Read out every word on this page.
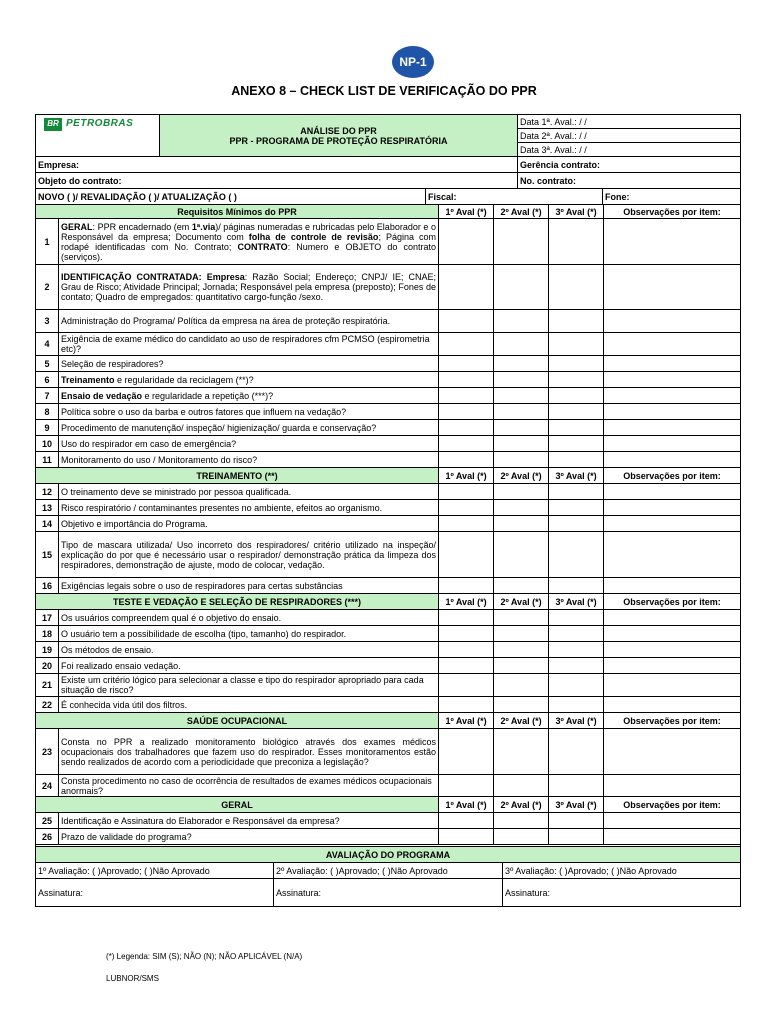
NP-1
ANEXO 8 – CHECK LIST DE VERIFICAÇÃO DO PPR
BR PETROBRAS

ANÁLISE DO PPR
PPR - PROGRAMA DE PROTEÇÃO RESPIRATÓRIA
	Data 1ª. Aval.: / /
Data 2ª. Aval.: / /
Data 3ª. Aval.: / /
Empresa:	Gerência contrato:
Objeto do contrato:	No. contrato:
NOVO ( )/ REVALIDAÇÃO ( )/ ATUALIZAÇÃO ( )	Fiscal:	Fone:
Requisitos Mínimos do PPR		1º Aval (*)	2º Aval (*)	3º Aval (*)	Observações por item:
1	GERAL: PPR encadernado (em 1ª.via)/ páginas numeradas e rubricadas pelo Elaborador e o Responsável da empresa; Documento com folha de controle de revisão; Página com rodapé identificadas com No. Contrato; CONTRATO: Numero e OBJETO do contrato (serviços).				
2	IDENTIFICAÇÃO CONTRATADA: Empresa: Razão Social; Endereço; CNPJ/ IE; CNAE; Grau de Risco; Atividade Principal; Jornada; Responsável pela empresa (preposto); Fones de contato; Quadro de empregados: quantitativo cargo-função /sexo.				
3	Administração do Programa/ Política da empresa na área de proteção respiratória.				
4	Exigência de exame médico do candidato ao uso de respiradores cfm PCMSO (espirometria etc)?				
5	Seleção de respiradores?				
6	Treinamento e regularidade da reciclagem (**)?				
7	Ensaio de vedação e regularidade a repetição (***)?				
8	Política sobre o uso da barba e outros fatores que influem na vedação?				
9	Procedimento de manutenção/ inspeção/ higienização/ guarda e conservação?				
10	Uso do respirador em caso de emergência?				
11	Monitoramento do uso / Monitoramento do risco?				
TREINAMENTO (**)		1º Aval (*)	2º Aval (*)	3º Aval (*)	Observações por item:
12	O treinamento deve se ministrado por pessoa qualificada.				
13	Risco respiratório / contaminantes presentes no ambiente, efeitos ao organismo.				
14	Objetivo e importância do Programa.				
15	Tipo de mascara utilizada/ Uso incorreto dos respiradores/ critério utilizado na inspeção/ explicação do por que é necessário usar o respirador/ demonstração prática da limpeza dos respiradores, demonstração de ajuste, modo de colocar, vedação.				
16	Exigências legais sobre o uso de respiradores para certas substâncias				
TESTE E VEDAÇÃO E SELEÇÃO DE RESPIRADORES (***)		1º Aval (*)	2º Aval (*)	3º Aval (*)	Observações por item:
17	Os usuários compreendem qual é o objetivo do ensaio.				
18	O usuário tem a possibilidade de escolha (tipo, tamanho) do respirador.				
19	Os métodos de ensaio.				
20	Foi realizado ensaio vedação.				
21	Existe um critério lógico para selecionar a classe e tipo do respirador apropriado para cada situação de risco?				
22	É conhecida vida útil dos filtros.				
SAÚDE OCUPACIONAL		1º Aval (*)	2º Aval (*)	3º Aval (*)	Observações por item:
23	Consta no PPR a realizado monitoramento biológico através dos exames médicos ocupacionais dos trabalhadores que fazem uso do respirador. Esses monitoramentos estão sendo realizados de acordo com a periodicidade que preconiza a legislação?				
24	Consta procedimento no caso de ocorrência de resultados de exames médicos ocupacionais anormais?				
GERAL		1º Aval (*)	2º Aval (*)	3º Aval (*)	Observações por item:
25	Identificação e Assinatura do Elaborador e Responsável da empresa?				
26	Prazo de validade do programa?				

AVALIAÇÃO DO PROGRAMA		
1º Avaliação: ( )Aprovado; ( )Não Aprovado	2º Avaliação: ( )Aprovado; ( )Não Aprovado	3º Avaliação: ( )Aprovado; ( )Não Aprovado
Assinatura:	Assinatura:	Assinatura:
(*) Legenda: SIM (S); NÃO (N); NÃO APLICÁVEL (N/A)
LUBNOR/SMS
